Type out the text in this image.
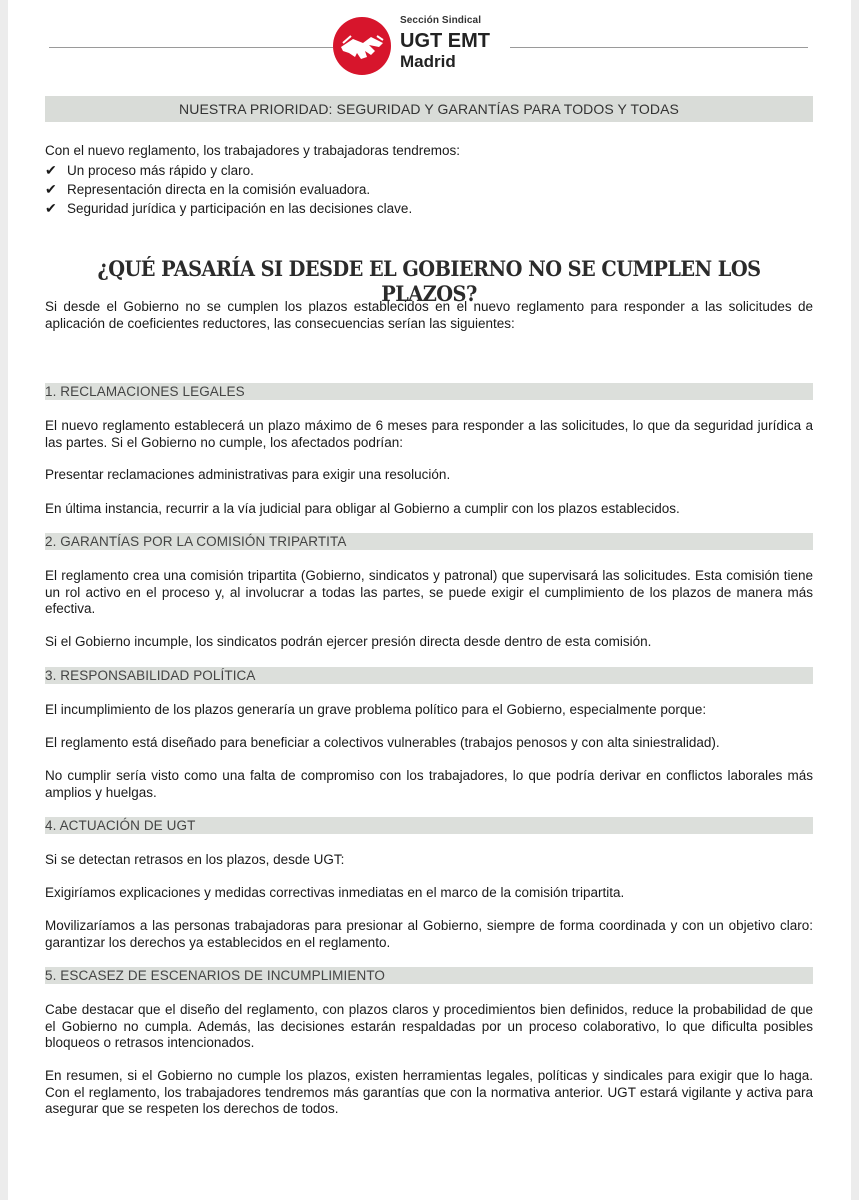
Sección Sindical
UGT EMT
Madrid
NUESTRA PRIORIDAD: SEGURIDAD Y GARANTÍAS PARA TODOS Y TODAS
Con el nuevo reglamento, los trabajadores y trabajadoras tendremos:
✔ Un proceso más rápido y claro.
✔ Representación directa en la comisión evaluadora.
✔ Seguridad jurídica y participación en las decisiones clave.
¿QUÉ PASARÍA SI DESDE EL GOBIERNO NO SE CUMPLEN LOS PLAZOS?
Si desde el Gobierno no se cumplen los plazos establecidos en el nuevo reglamento para responder a las solicitudes de aplicación de coeficientes reductores, las consecuencias serían las siguientes:
1. RECLAMACIONES LEGALES
El nuevo reglamento establecerá un plazo máximo de 6 meses para responder a las solicitudes, lo que da seguridad jurídica a las partes. Si el Gobierno no cumple, los afectados podrían:
Presentar reclamaciones administrativas para exigir una resolución.
En última instancia, recurrir a la vía judicial para obligar al Gobierno a cumplir con los plazos establecidos.
2. GARANTÍAS POR LA COMISIÓN TRIPARTITA
El reglamento crea una comisión tripartita (Gobierno, sindicatos y patronal) que supervisará las solicitudes. Esta comisión tiene un rol activo en el proceso y, al involucrar a todas las partes, se puede exigir el cumplimiento de los plazos de manera más efectiva.
Si el Gobierno incumple, los sindicatos podrán ejercer presión directa desde dentro de esta comisión.
3. RESPONSABILIDAD POLÍTICA
El incumplimiento de los plazos generaría un grave problema político para el Gobierno, especialmente porque:
El reglamento está diseñado para beneficiar a colectivos vulnerables (trabajos penosos y con alta siniestralidad).
No cumplir sería visto como una falta de compromiso con los trabajadores, lo que podría derivar en conflictos laborales más amplios y huelgas.
4. ACTUACIÓN DE UGT
Si se detectan retrasos en los plazos, desde UGT:
Exigiríamos explicaciones y medidas correctivas inmediatas en el marco de la comisión tripartita.
Movilizaríamos a las personas trabajadoras para presionar al Gobierno, siempre de forma coordinada y con un objetivo claro: garantizar los derechos ya establecidos en el reglamento.
5. ESCASEZ DE ESCENARIOS DE INCUMPLIMIENTO
Cabe destacar que el diseño del reglamento, con plazos claros y procedimientos bien definidos, reduce la probabilidad de que el Gobierno no cumpla. Además, las decisiones estarán respaldadas por un proceso colaborativo, lo que dificulta posibles bloqueos o retrasos intencionados.
En resumen, si el Gobierno no cumple los plazos, existen herramientas legales, políticas y sindicales para exigir que lo haga. Con el reglamento, los trabajadores tendremos más garantías que con la normativa anterior. UGT estará vigilante y activa para asegurar que se respeten los derechos de todos.
